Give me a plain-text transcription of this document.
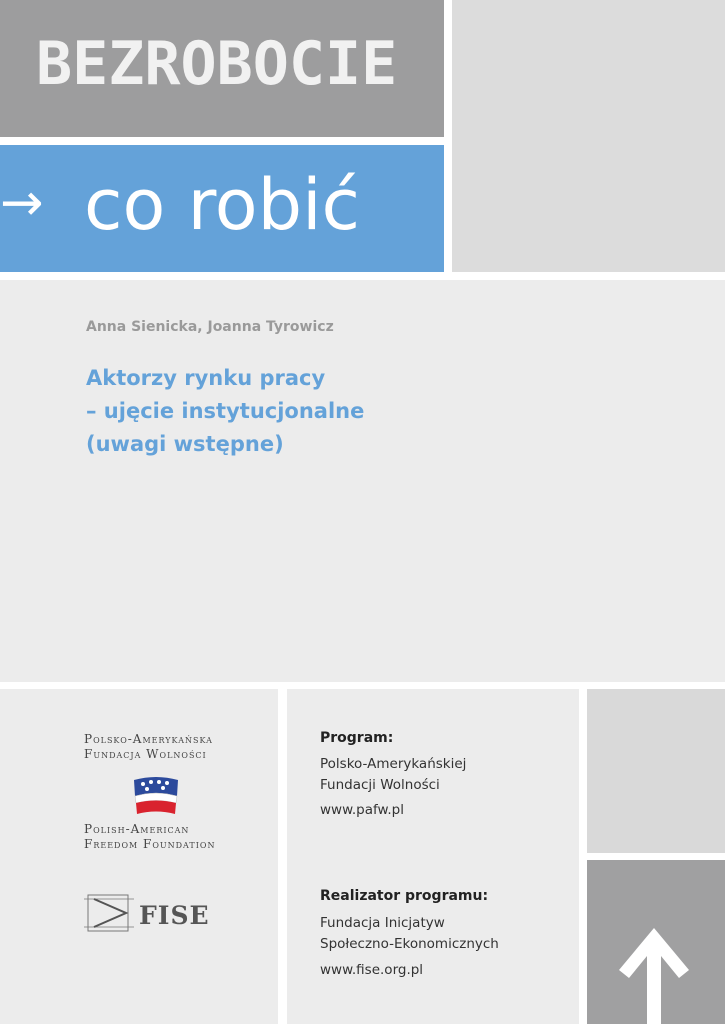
BEZROBOCIE
→ co robić
Anna Sienicka, Joanna Tyrowicz
Aktorzy rynku pracy
– ujęcie instytucjonalne
(uwagi wstępne)
Polsko-Amerykańska
Fundacja Wolności
Polish-American
Freedom Foundation
FISE
Program:
Polsko-Amerykańskiej
Fundacji Wolności
www.pafw.pl
Realizator programu:
Fundacja Inicjatyw
Społeczno-Ekonomicznych
www.fise.org.pl
